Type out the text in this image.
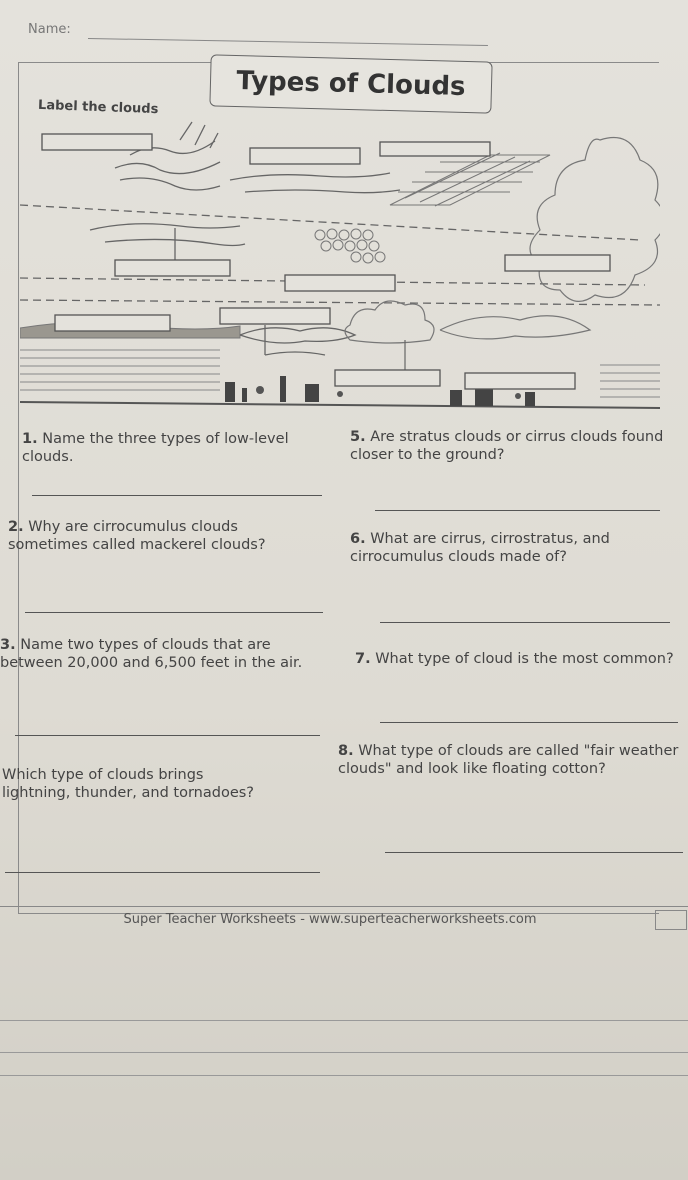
Name:
Types of Clouds
Label the clouds
1. Name the three types of low-level clouds.
2. Why are cirrocumulus clouds sometimes called mackerel clouds?
3. Name two types of clouds that are between 20,000 and 6,500 feet in the air.
Which type of clouds brings lightning, thunder, and tornadoes?
5. Are stratus clouds or cirrus clouds found closer to the ground?
6. What are cirrus, cirrostratus, and cirrocumulus clouds made of?
7. What type of cloud is the most common?
8. What type of clouds are called "fair weather clouds" and look like floating cotton?
Super Teacher Worksheets - www.superteacherworksheets.com
